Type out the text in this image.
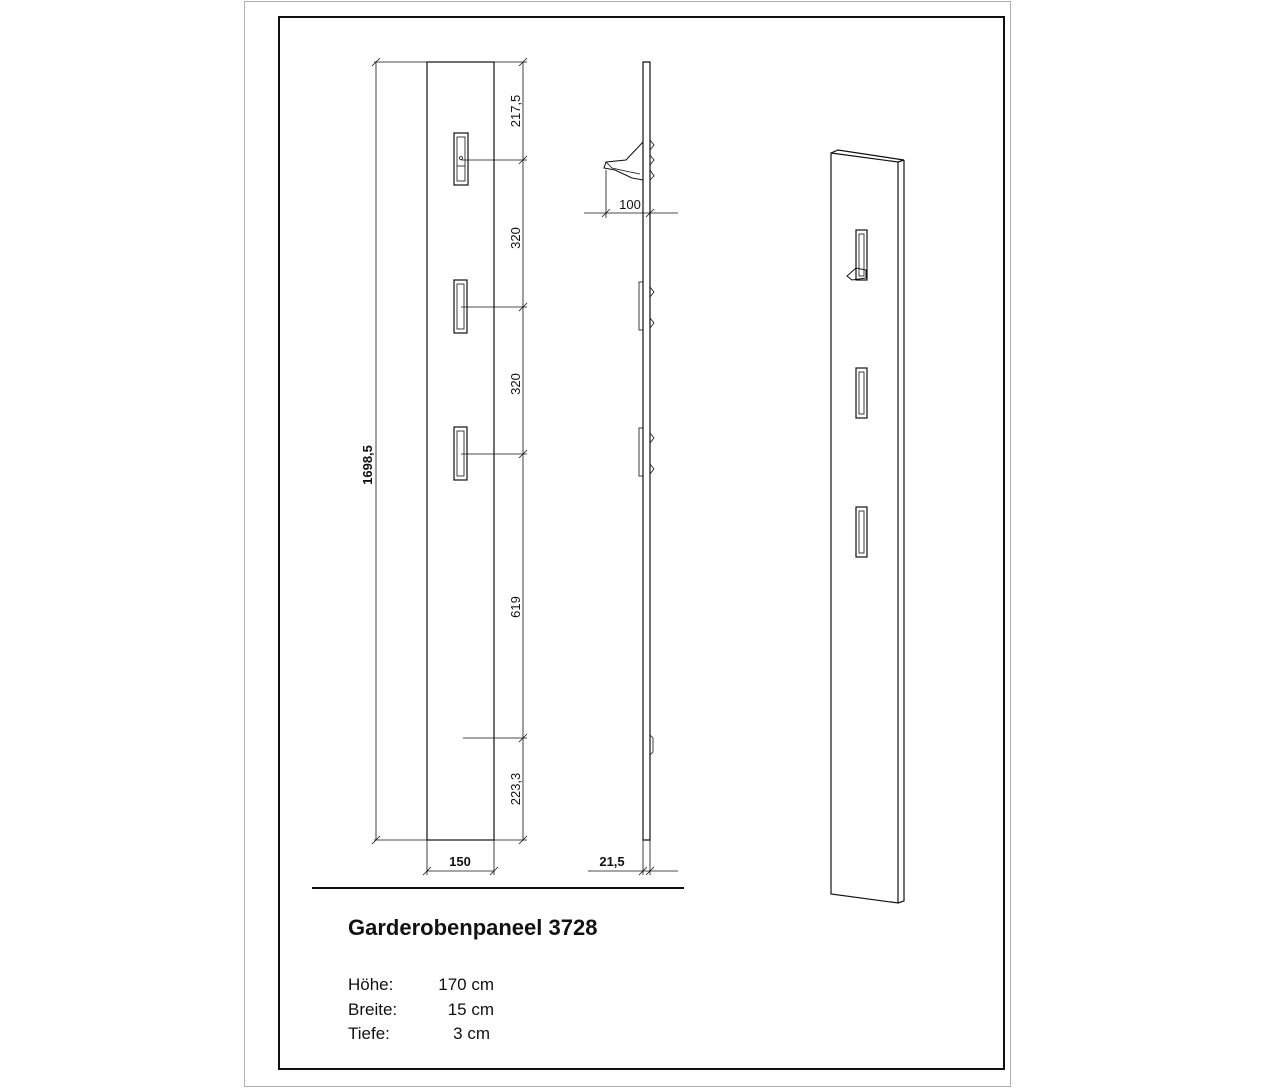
217,5
320
320
619
223,3
1698,5
150
100
21,5
Garderobenpaneel 3728
Höhe:	170 cm
Breite:	15 cm
Tiefe:	3 cm
